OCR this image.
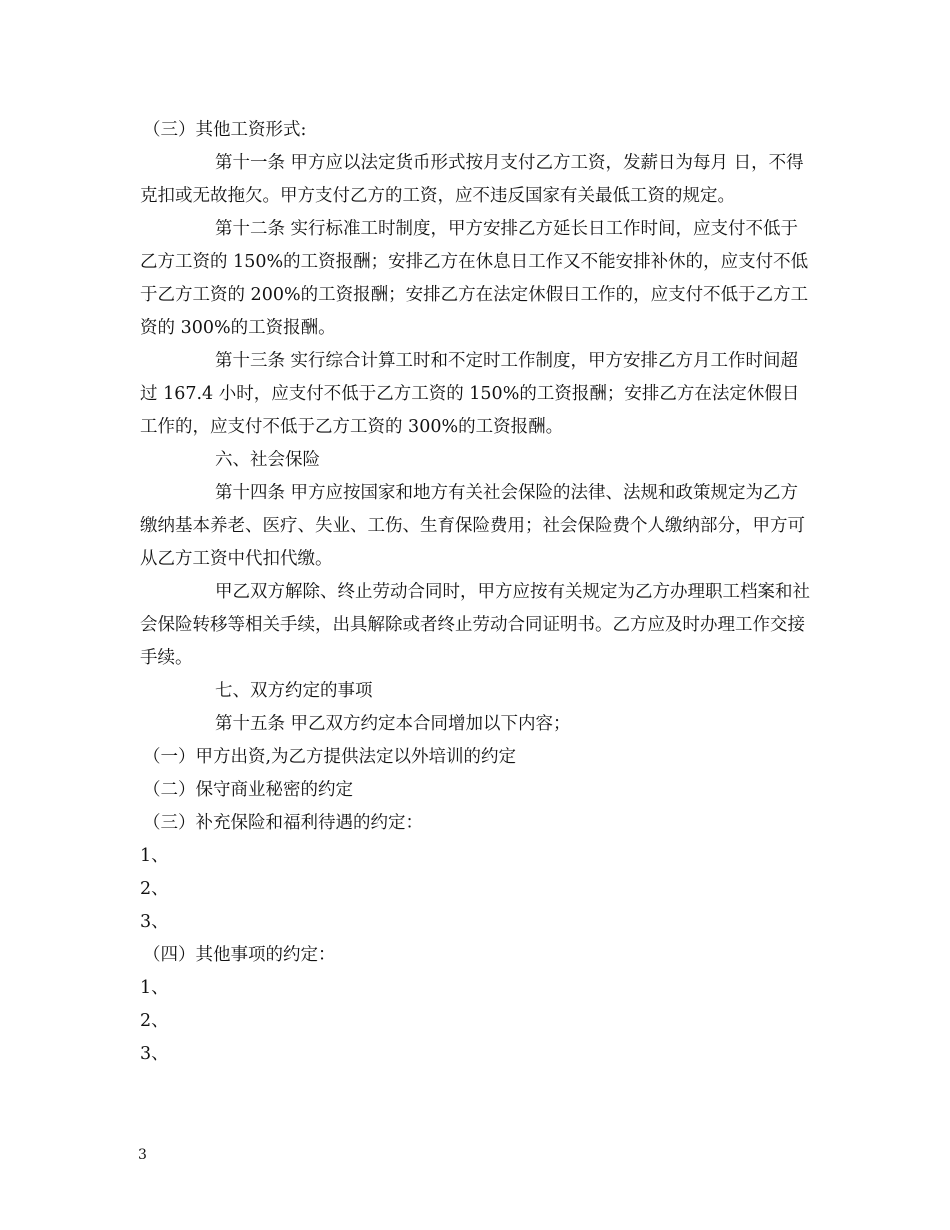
（三）其他工资形式:

第十一条 甲方应以法定货币形式按月支付乙方工资，发薪日为每月 日，不得克扣或无故拖欠。甲方支付乙方的工资，应不违反国家有关最低工资的规定。

第十二条 实行标准工时制度，甲方安排乙方延长日工作时间，应支付不低于乙方工资的 150%的工资报酬；安排乙方在休息日工作又不能安排补休的，应支付不低于乙方工资的 200%的工资报酬；安排乙方在法定休假日工作的，应支付不低于乙方工资的 300%的工资报酬。

第十三条 实行综合计算工时和不定时工作制度，甲方安排乙方月工作时间超过 167.4 小时，应支付不低于乙方工资的 150%的工资报酬；安排乙方在法定休假日工作的，应支付不低于乙方工资的 300%的工资报酬。

六、社会保险

第十四条 甲方应按国家和地方有关社会保险的法律、法规和政策规定为乙方缴纳基本养老、医疗、失业、工伤、生育保险费用；社会保险费个人缴纳部分，甲方可从乙方工资中代扣代缴。

甲乙双方解除、终止劳动合同时，甲方应按有关规定为乙方办理职工档案和社会保险转移等相关手续，出具解除或者终止劳动合同证明书。乙方应及时办理工作交接手续。

七、双方约定的事项

第十五条 甲乙双方约定本合同增加以下内容；

（一）甲方出资,为乙方提供法定以外培训的约定

（二）保守商业秘密的约定

（三）补充保险和福利待遇的约定：

1、

2、

3、

（四）其他事项的约定：

1、

2、

3、

3
